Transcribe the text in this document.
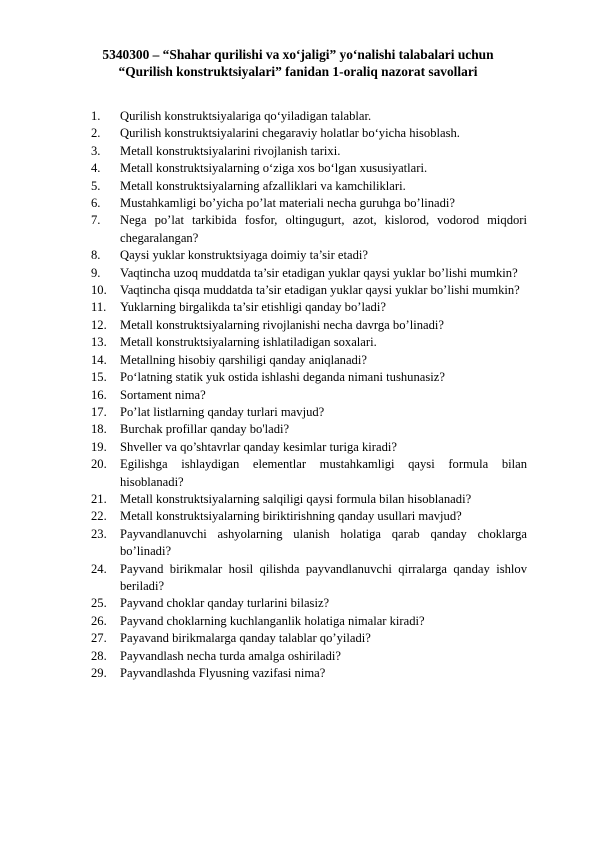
5340300 – “Shahar qurilishi va xo‘jaligi” yo‘nalishi talabalari uchun
“Qurilish konstruktsiyalari” fanidan 1-oraliq nazorat savollari
1.	Qurilish konstruktsiyalariga qo‘yiladigan talablar.
2.	Qurilish konstruktsiyalarini chegaraviy holatlar bo‘yicha hisoblash.
3.	Metall konstruktsiyalarini rivojlanish tarixi.
4.	Metall konstruktsiyalarning o‘ziga xos bo‘lgan xususiyatlari.
5.	Metall konstruktsiyalarning afzalliklari va kamchiliklari.
6.	Mustahkamligi bo’yicha po’lat materiali necha guruhga bo’linadi?
7.	Nega po’lat tarkibida fosfor, oltingugurt, azot, kislorod, vodorod miqdori chegaralangan?
8.	Qaysi yuklar konstruktsiyaga doimiy ta’sir etadi?
9.	Vaqtincha uzoq muddatda ta’sir etadigan yuklar qaysi yuklar bo’lishi mumkin?
10.	Vaqtincha qisqa muddatda ta’sir etadigan yuklar qaysi yuklar bo’lishi mumkin?
11.	Yuklarning birgalikda ta’sir etishligi qanday bo’ladi?
12.	Metall konstruktsiyalarning rivojlanishi necha davrga bo’linadi?
13.	Metall konstruktsiyalarning ishlatiladigan soxalari.
14.	Metallning hisobiy qarshiligi qanday aniqlanadi?
15.	Po‘latning statik yuk ostida ishlashi deganda nimani tushunasiz?
16.	Sortament nima?
17.	Po’lat listlarning qanday turlari mavjud?
18.	Burchak profillar qanday bo'ladi?
19.	Shveller va qo’shtavrlar qanday kesimlar turiga kiradi?
20.	Egilishga ishlaydigan elementlar mustahkamligi qaysi formula bilan hisoblanadi?
21.	Metall konstruktsiyalarning salqiligi qaysi formula bilan hisoblanadi?
22.	Metall konstruktsiyalarning biriktirishning qanday usullari mavjud?
23.	Payvandlanuvchi ashyolarning ulanish holatiga qarab qanday choklarga bo’linadi?
24.	Payvand birikmalar hosil qilishda payvandlanuvchi qirralarga qanday ishlov beriladi?
25.	Payvand choklar qanday turlarini bilasiz?
26.	Payvand choklarning kuchlanganlik holatiga nimalar kiradi?
27.	Payavand birikmalarga qanday talablar qo’yiladi?
28.	Payvandlash necha turda amalga oshiriladi?
29.	Payvandlashda Flyusning vazifasi nima?
